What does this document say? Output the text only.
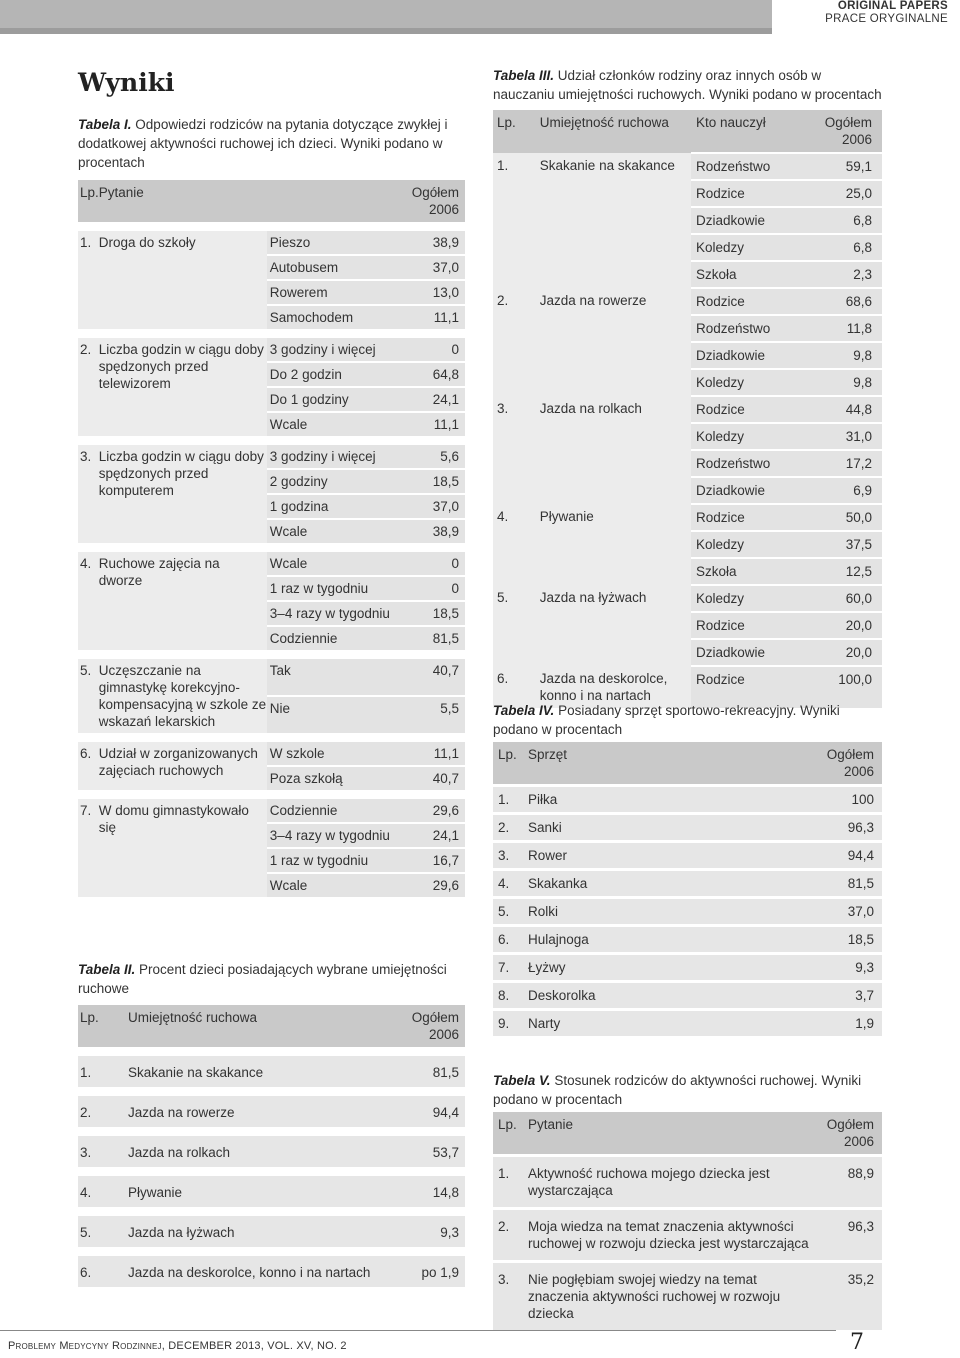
ORIGINAL PAPERS
PRACE ORYGINALNE
Wyniki
Tabela I. Odpowiedzi rodziców na pytania dotyczące zwykłej i dodatkowej aktywności ruchowej ich dzieci. Wyniki podano w procentach
Lp.	Pytanie		Ogółem 2006
1.	Droga do szkoły	Pieszo	38,9
		Autobusem	37,0
		Rowerem	13,0
		Samochodem	11,1
2.	Liczba godzin w ciągu doby spędzonych przed telewizorem	3 godziny i więcej	0
		Do 2 godzin	64,8
		Do 1 godziny	24,1
		Wcale	11,1
3.	Liczba godzin w ciągu doby spędzonych przed komputerem	3 godziny i więcej	5,6
		2 godziny	18,5
		1 godzina	37,0
		Wcale	38,9
4.	Ruchowe zajęcia na dworze	Wcale	0
		1 raz w tygodniu	0
		3–4 razy w tygodniu	18,5
		Codziennie	81,5
5.	Uczęszczanie na gimnastykę korekcyjno-kompensacyjną w szkole ze wskazań lekarskich	Tak	40,7
		Nie	5,5
6.	Udział w zorganizowanych zajęciach ruchowych	W szkole	11,1
		Poza szkołą	40,7
7.	W domu gimnastykowało się	Codziennie	29,6
		3–4 razy w tygodniu	24,1
		1 raz w tygodniu	16,7
		Wcale	29,6
Tabela II. Procent dzieci posiadających wybrane umiejętności ruchowe
Lp.	Umiejętność ruchowa	Ogółem 2006
1.	Skakanie na skakance	81,5
2.	Jazda na rowerze	94,4
3.	Jazda na rolkach	53,7
4.	Pływanie	14,8
5.	Jazda na łyżwach	9,3
6.	Jazda na deskorolce, konno i na nartach	po 1,9
Tabela III. Udział członków rodziny oraz innych osób w nauczaniu umiejętności ruchowych. Wyniki podano w procentach
Lp.	Umiejętność ruchowa	Kto nauczył	Ogółem 2006
1.	Skakanie na skakance	Rodzeństwo	59,1
		Rodzice	25,0
		Dziadkowie	6,8
		Koledzy	6,8
		Szkoła	2,3
2.	Jazda na rowerze	Rodzice	68,6
		Rodzeństwo	11,8
		Dziadkowie	9,8
		Koledzy	9,8
3.	Jazda na rolkach	Rodzice	44,8
		Koledzy	31,0
		Rodzeństwo	17,2
		Dziadkowie	6,9
4.	Pływanie	Rodzice	50,0
		Koledzy	37,5
		Szkoła	12,5
5.	Jazda na łyżwach	Koledzy	60,0
		Rodzice	20,0
		Dziadkowie	20,0
6.	Jazda na deskorolce, konno i na nartach	Rodzice	100,0
Tabela IV. Posiadany sprzęt sportowo-rekreacyjny. Wyniki podano w procentach
Lp.	Sprzęt	Ogółem 2006
1.	Piłka	100
2.	Sanki	96,3
3.	Rower	94,4
4.	Skakanka	81,5
5.	Rolki	37,0
6.	Hulajnoga	18,5
7.	Łyżwy	9,3
8.	Deskorolka	3,7
9.	Narty	1,9
Tabela V. Stosunek rodziców do aktywności ruchowej. Wyniki podano w procentach
Lp.	Pytanie	Ogółem 2006
1.	Aktywność ruchowa mojego dziecka jest wystarczająca	88,9
2.	Moja wiedza na temat znaczenia aktywności ruchowej w rozwoju dziecka jest wystarczająca	96,3
3.	Nie pogłębiam swojej wiedzy na temat znaczenia aktywności ruchowej w rozwoju dziecka	35,2
Problemy Medycyny Rodzinnej, DECEMBER 2013, VOL. XV, NO. 2	7
